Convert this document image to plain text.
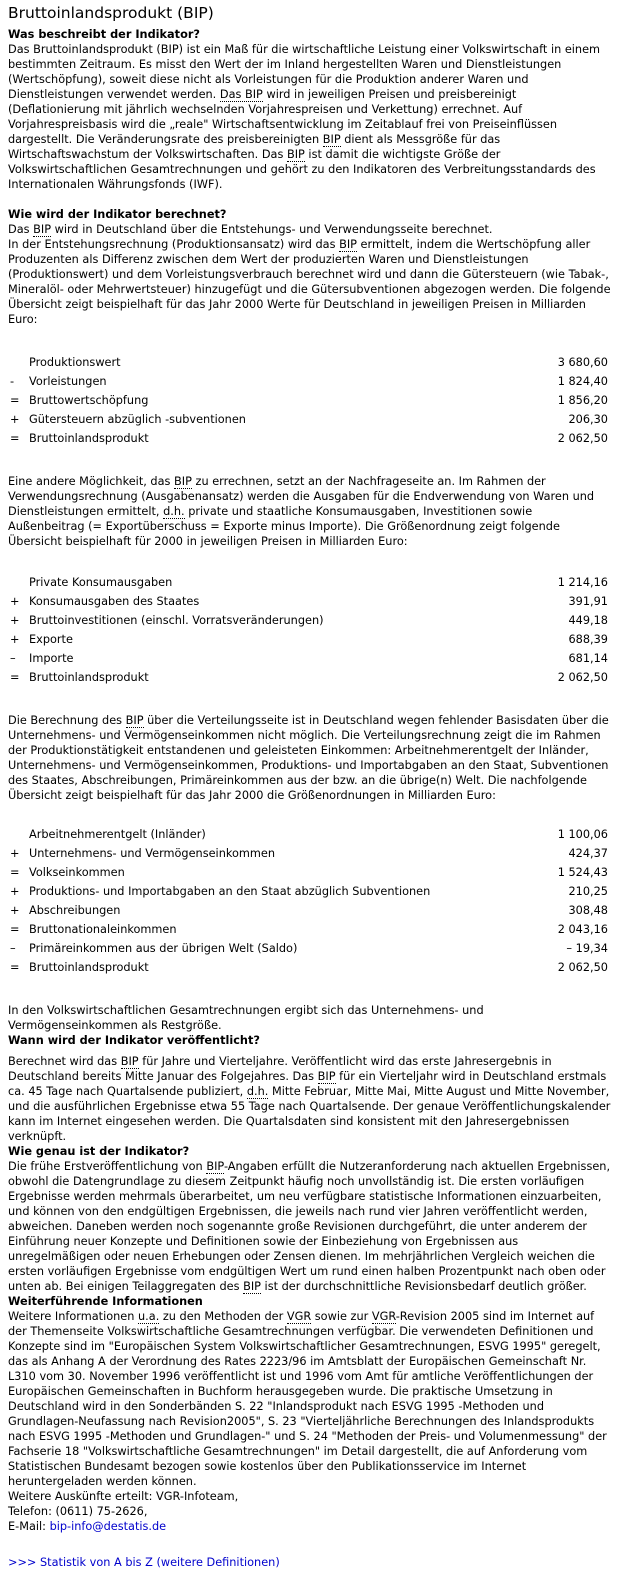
Bruttoinlandsprodukt (BIP)
Was beschreibt der Indikator?

Das Bruttoinlandsprodukt (BIP) ist ein Maß für die wirtschaftliche Leistung einer Volkswirtschaft in einem bestimmten Zeitraum. Es misst den Wert der im Inland hergestellten Waren und Dienstleistungen (Wertschöpfung), soweit diese nicht als Vorleistungen für die Produktion anderer Waren und Dienstleistungen verwendet werden. Das BIP wird in jeweiligen Preisen und preisbereinigt (Deflationierung mit jährlich wechselnden Vorjahrespreisen und Verkettung) errechnet. Auf Vorjahrespreisbasis wird die „reale" Wirtschaftsentwicklung im Zeitablauf frei von Preiseinflüssen dargestellt. Die Veränderungsrate des preisbereinigten BIP dient als Messgröße für das Wirtschaftswachstum der Volkswirtschaften. Das BIP ist damit die wichtigste Größe der Volkswirtschaftlichen Gesamtrechnungen und gehört zu den Indikatoren des Verbreitungsstandards des Internationalen Währungsfonds (IWF).

Wie wird der Indikator berechnet?

Das BIP wird in Deutschland über die Entstehungs- und Verwendungsseite berechnet.

In der Entstehungsrechnung (Produktionsansatz) wird das BIP ermittelt, indem die Wertschöpfung aller Produzenten als Differenz zwischen dem Wert der produzierten Waren und Dienstleistungen (Produktionswert) und dem Vorleistungsverbrauch berechnet wird und dann die Gütersteuern (wie Tabak-, Mineralöl- oder Mehrwertsteuer) hinzugefügt und die Gütersubventionen abgezogen werden. Die folgende Übersicht zeigt beispielhaft für das Jahr 2000 Werte für Deutschland in jeweiligen Preisen in Milliarden Euro:

	Produktionswert	3 680,60
-	Vorleistungen	1 824,40
=	Bruttowertschöpfung	1 856,20
+	Gütersteuern abzüglich -subventionen	206,30
=	Bruttoinlandsprodukt	2 062,50

Eine andere Möglichkeit, das BIP zu errechnen, setzt an der Nachfrageseite an. Im Rahmen der Verwendungsrechnung (Ausgabenansatz) werden die Ausgaben für die Endverwendung von Waren und Dienstleistungen ermittelt, d.h. private und staatliche Konsumausgaben, Investitionen sowie Außenbeitrag (= Exportüberschuss = Exporte minus Importe). Die Größenordnung zeigt folgende Übersicht beispielhaft für 2000 in jeweiligen Preisen in Milliarden Euro:

	Private Konsumausgaben	1 214,16
+	Konsumausgaben des Staates	391,91
+	Bruttoinvestitionen (einschl. Vorratsveränderungen)	449,18
+	Exporte	688,39
–	Importe	681,14
=	Bruttoinlandsprodukt	2 062,50

Die Berechnung des BIP über die Verteilungsseite ist in Deutschland wegen fehlender Basisdaten über die Unternehmens- und Vermögenseinkommen nicht möglich. Die Verteilungsrechnung zeigt die im Rahmen der Produktionstätigkeit entstandenen und geleisteten Einkommen: Arbeitnehmerentgelt der Inländer, Unternehmens- und Vermögenseinkommen, Produktions- und Importabgaben an den Staat, Subventionen des Staates, Abschreibungen, Primäreinkommen aus der bzw. an die übrige(n) Welt. Die nachfolgende Übersicht zeigt beispielhaft für das Jahr 2000 die Größenordnungen in Milliarden Euro:

	Arbeitnehmerentgelt (Inländer)	1 100,06
+	Unternehmens- und Vermögenseinkommen	424,37
=	Volkseinkommen	1 524,43
+	Produktions- und Importabgaben an den Staat abzüglich Subventionen	210,25
+	Abschreibungen	308,48
=	Bruttonationaleinkommen	2 043,16
–	Primäreinkommen aus der übrigen Welt (Saldo)	– 19,34
=	Bruttoinlandsprodukt	2 062,50

In den Volkswirtschaftlichen Gesamtrechnungen ergibt sich das Unternehmens- und Vermögenseinkommen als Restgröße.

Wann wird der Indikator veröffentlicht?

Berechnet wird das BIP für Jahre und Vierteljahre. Veröffentlicht wird das erste Jahresergebnis in Deutschland bereits Mitte Januar des Folgejahres. Das BIP für ein Vierteljahr wird in Deutschland erstmals ca. 45 Tage nach Quartalsende publiziert, d.h. Mitte Februar, Mitte Mai, Mitte August und Mitte November, und die ausführlichen Ergebnisse etwa 55 Tage nach Quartalsende. Der genaue Veröffentlichungskalender kann im Internet eingesehen werden. Die Quartalsdaten sind konsistent mit den Jahresergebnissen verknüpft.

Wie genau ist der Indikator?

Die frühe Erstveröffentlichung von BIP-Angaben erfüllt die Nutzeranforderung nach aktuellen Ergebnissen, obwohl die Datengrundlage zu diesem Zeitpunkt häufig noch unvollständig ist. Die ersten vorläufigen Ergebnisse werden mehrmals überarbeitet, um neu verfügbare statistische Informationen einzuarbeiten, und können von den endgültigen Ergebnissen, die jeweils nach rund vier Jahren veröffentlicht werden, abweichen. Daneben werden noch sogenannte große Revisionen durchgeführt, die unter anderem der Einführung neuer Konzepte und Definitionen sowie der Einbeziehung von Ergebnissen aus unregelmäßigen oder neuen Erhebungen oder Zensen dienen. Im mehrjährlichen Vergleich weichen die ersten vorläufigen Ergebnisse vom endgültigen Wert um rund einen halben Prozentpunkt nach oben oder unten ab. Bei einigen Teilaggregaten des BIP ist der durchschnittliche Revisionsbedarf deutlich größer.

Weiterführende Informationen

Weitere Informationen u.a. zu den Methoden der VGR sowie zur VGR-Revision 2005 sind im Internet auf der Themenseite Volkswirtschaftliche Gesamtrechnungen verfügbar. Die verwendeten Definitionen und Konzepte sind im "Europäischen System Volkswirtschaftlicher Gesamtrechnungen, ESVG 1995" geregelt, das als Anhang A der Verordnung des Rates 2223/96 im Amtsblatt der Europäischen Gemeinschaft Nr. L310 vom 30. November 1996 veröffentlicht ist und 1996 vom Amt für amtliche Veröffentlichungen der Europäischen Gemeinschaften in Buchform herausgegeben wurde. Die praktische Umsetzung in Deutschland wird in den Sonderbänden S. 22 "Inlandsprodukt nach ESVG 1995 -Methoden und Grundlagen-Neufassung nach Revision2005", S. 23 "Vierteljährliche Berechnungen des Inlandsprodukts nach ESVG 1995 -Methoden und Grundlagen-" und S. 24 "Methoden der Preis- und Volumenmessung" der Fachserie 18 "Volkswirtschaftliche Gesamtrechnungen" im Detail dargestellt, die auf Anforderung vom Statistischen Bundesamt bezogen sowie kostenlos über den Publikationsservice im Internet heruntergeladen werden können.

Weitere Auskünfte erteilt: VGR-Infoteam,

Telefon: (0611) 75-2626,

E-Mail: bip-info@destatis.de

>>> Statistik von A bis Z (weitere Definitionen)
